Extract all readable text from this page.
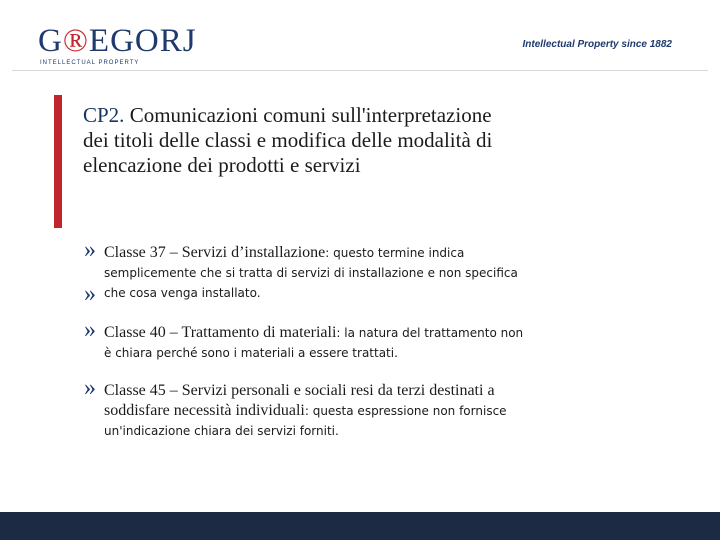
G®EGORJ
INTELLECTUAL PROPERTY
Intellectual Property since 1882
CP2. Comunicazioni comuni sull'interpretazione dei titoli delle classi e modifica delle modalità di elencazione dei prodotti e servizi
»
»
»
»
Classe 37 – Servizi d’installazione: questo termine indica semplicemente che si tratta di servizi di installazione e non specifica che cosa venga installato.
Classe 40 – Trattamento di materiali: la natura del trattamento non è chiara perché sono i materiali a essere trattati.
Classe 45 – Servizi personali e sociali resi da terzi destinati a soddisfare necessità individuali: questa espressione non fornisce un'indicazione chiara dei servizi forniti.
